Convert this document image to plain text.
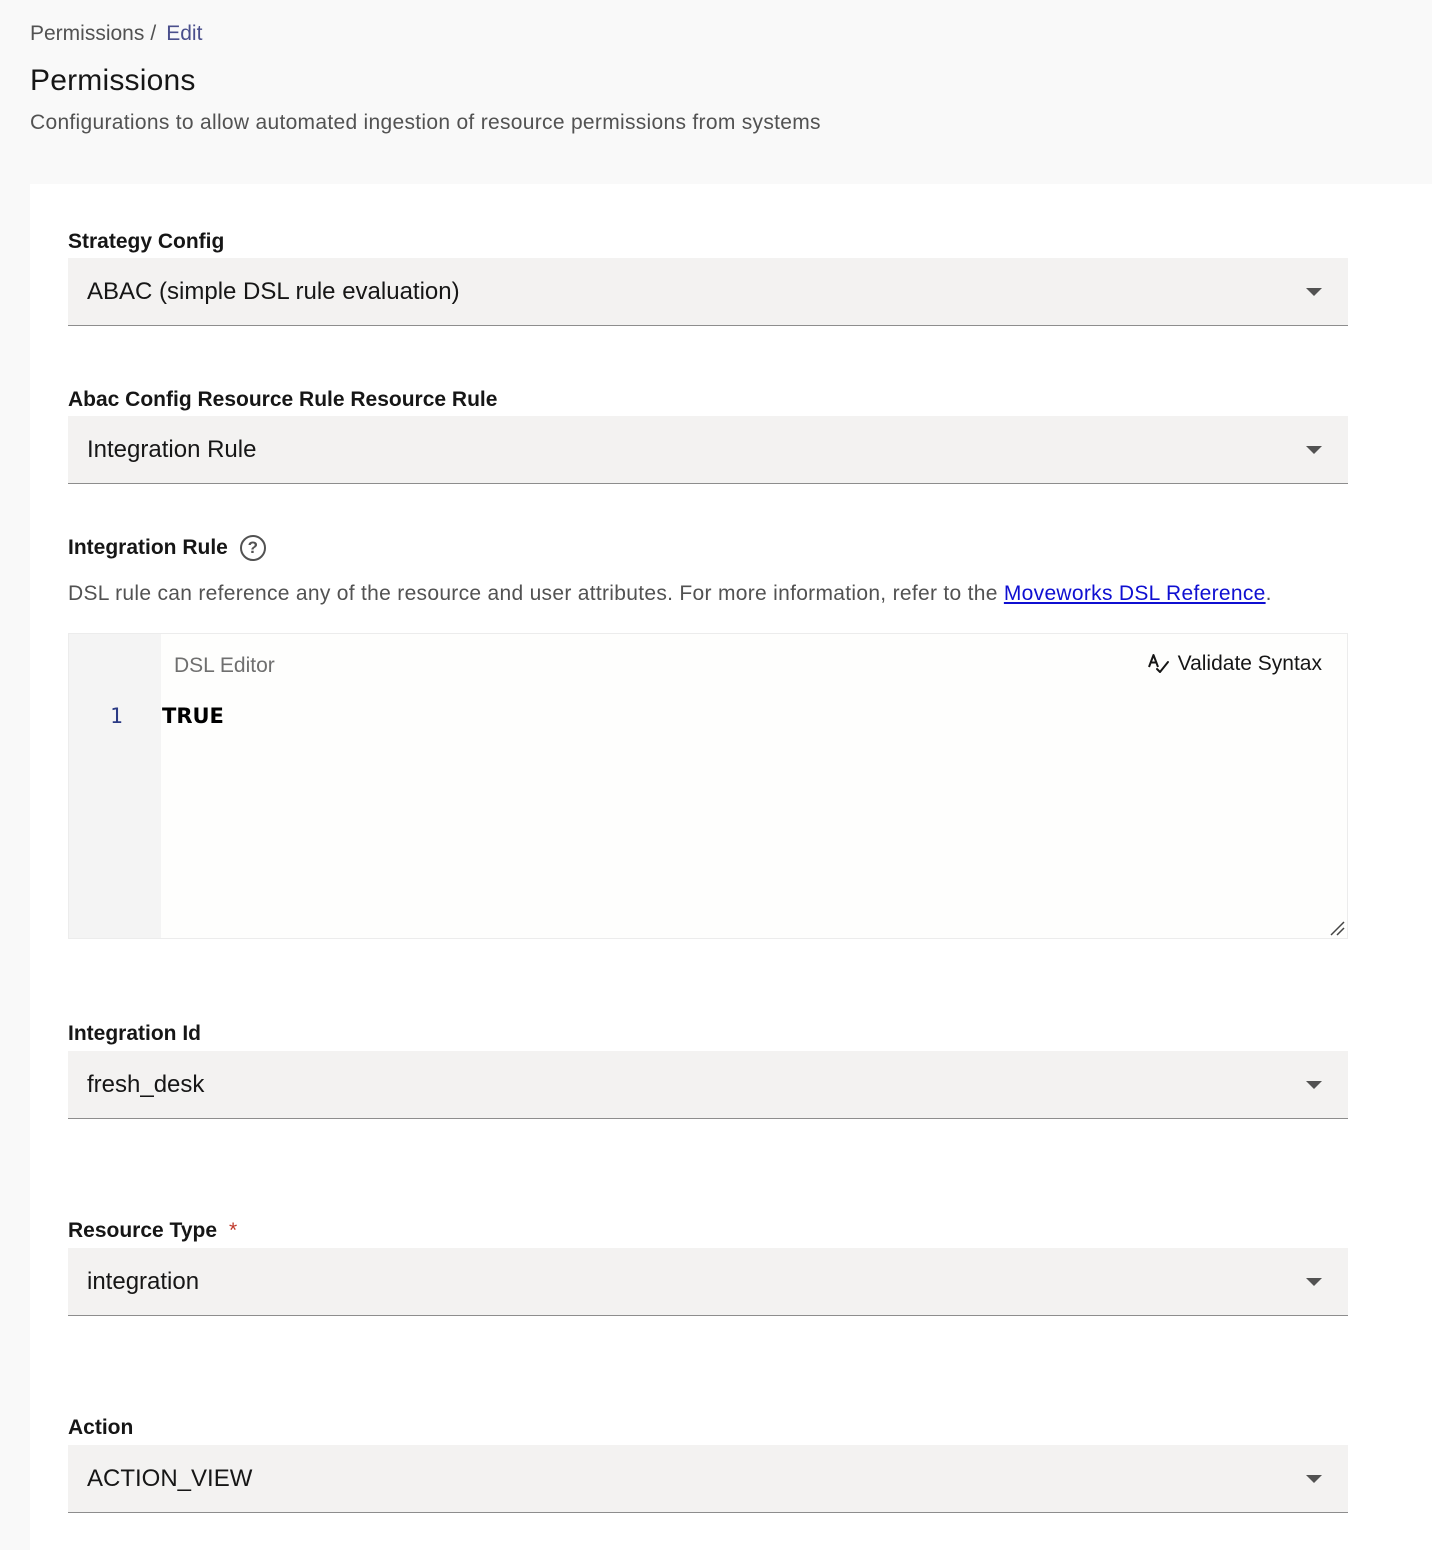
Permissions / Edit
Permissions

Configurations to allow automated ingestion of resource permissions from systems

Strategy Config
ABAC (simple DSL rule evaluation)
Abac Config Resource Rule Resource Rule
Integration Rule
Integration Rule	?

DSL rule can reference any of the resource and user attributes. For more information, refer to the Moveworks DSL Reference.

1
DSL Editor	Validate Syntax
TRUE
Integration Id
fresh_desk
Resource Type *
integration
Action
ACTION_VIEW
